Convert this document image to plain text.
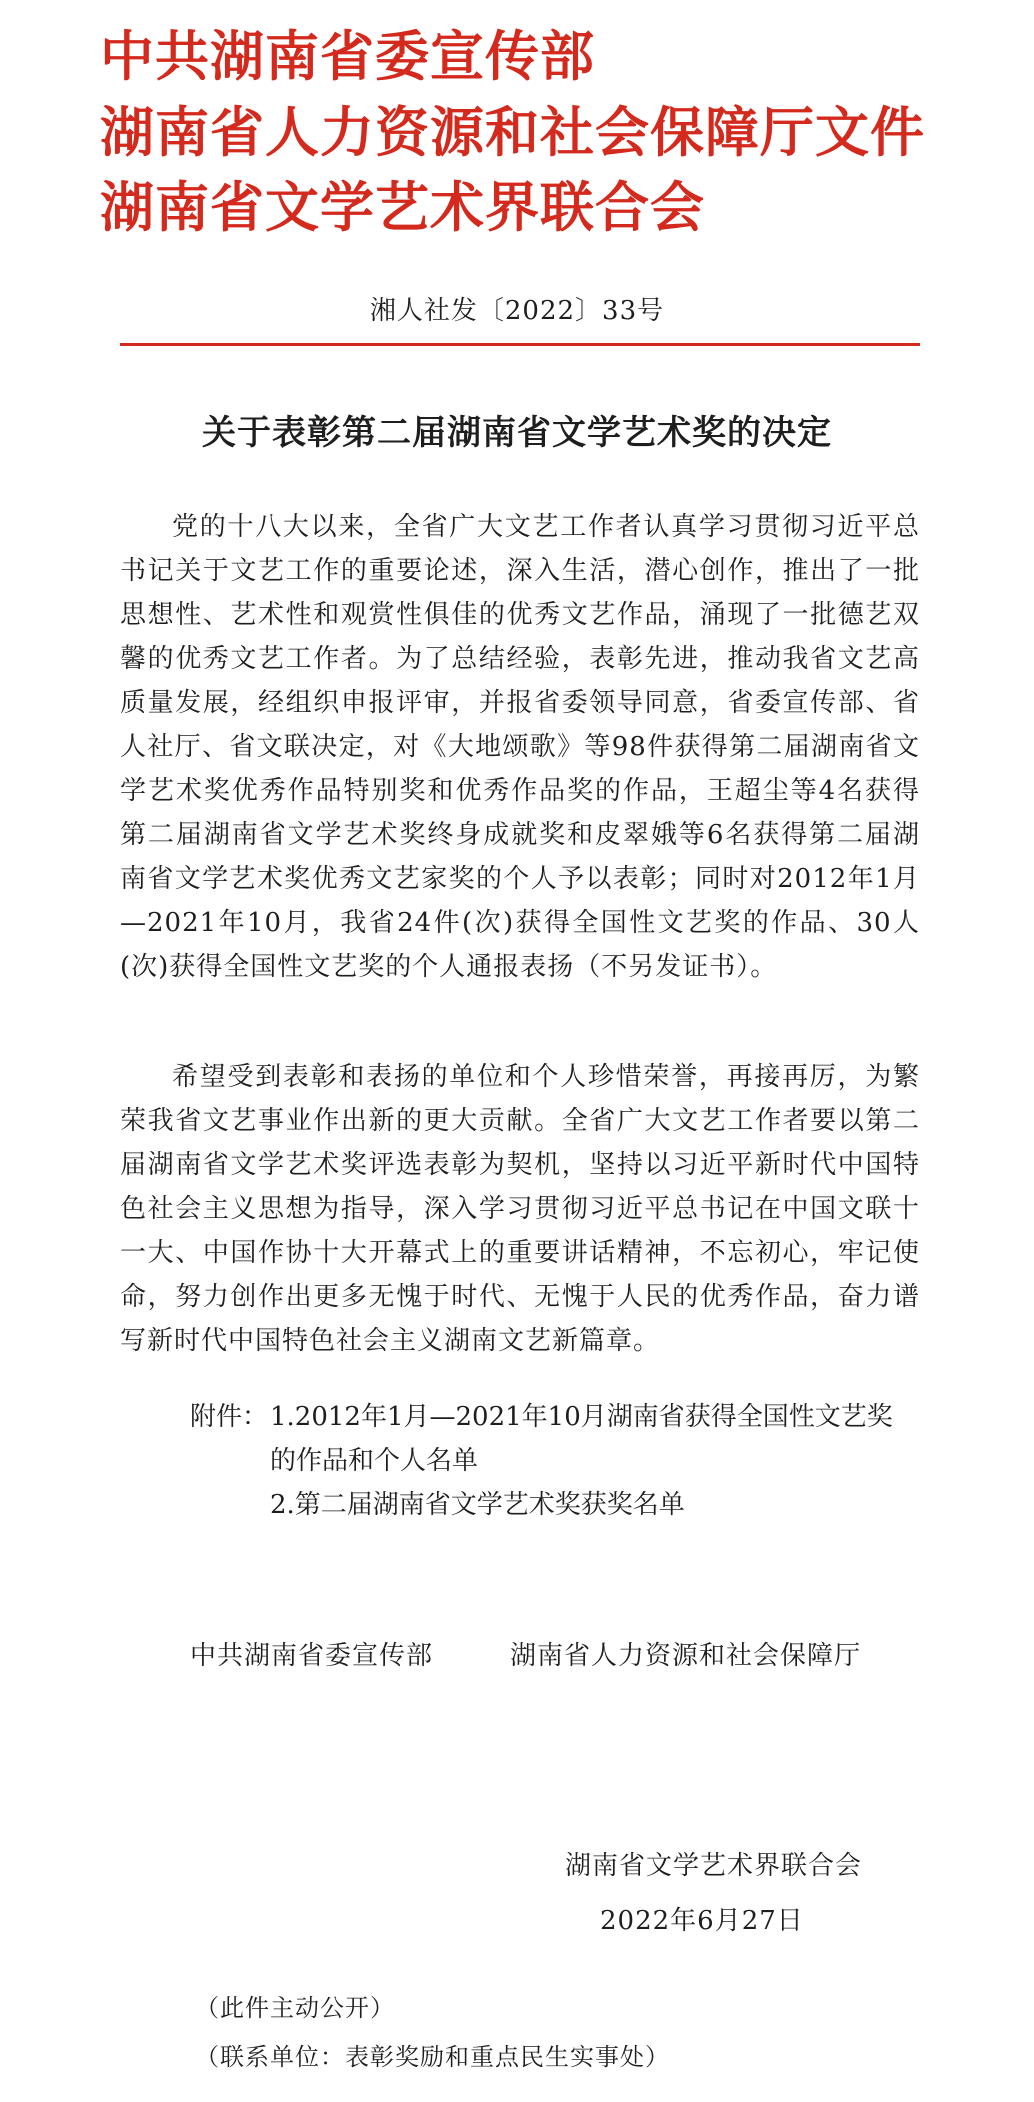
中共湖南省委宣传部
湖南省人力资源和社会保障厅文件
湖南省文学艺术界联合会
湘人社发〔2022〕33号
关于表彰第二届湖南省文学艺术奖的决定

党的十八大以来，全省广大文艺工作者认真学习贯彻习近平总书记关于文艺工作的重要论述，深入生活，潜心创作，推出了一批思想性、艺术性和观赏性俱佳的优秀文艺作品，涌现了一批德艺双馨的优秀文艺工作者。为了总结经验，表彰先进，推动我省文艺高质量发展，经组织申报评审，并报省委领导同意，省委宣传部、省人社厅、省文联决定，对《大地颂歌》等98件获得第二届湖南省文学艺术奖优秀作品特别奖和优秀作品奖的作品，王超尘等4名获得第二届湖南省文学艺术奖终身成就奖和皮翠娥等6名获得第二届湖南省文学艺术奖优秀文艺家奖的个人予以表彰；同时对2012年1月—2021年10月，我省24件(次)获得全国性文艺奖的作品、30人(次)获得全国性文艺奖的个人通报表扬（不另发证书）。

希望受到表彰和表扬的单位和个人珍惜荣誉，再接再厉，为繁荣我省文艺事业作出新的更大贡献。全省广大文艺工作者要以第二届湖南省文学艺术奖评选表彰为契机，坚持以习近平新时代中国特色社会主义思想为指导，深入学习贯彻习近平总书记在中国文联十一大、中国作协十大开幕式上的重要讲话精神，不忘初心，牢记使命，努力创作出更多无愧于时代、无愧于人民的优秀作品，奋力谱写新时代中国特色社会主义湖南文艺新篇章。

附件： 1.2012年1月—2021年10月湖南省获得全国性文艺奖的作品和个人名单
2.第二届湖南省文学艺术奖获奖名单
中共湖南省委宣传部	湖南省人力资源和社会保障厅
湖南省文学艺术界联合会
2022年6月27日
（此件主动公开）
（联系单位：表彰奖励和重点民生实事处）
